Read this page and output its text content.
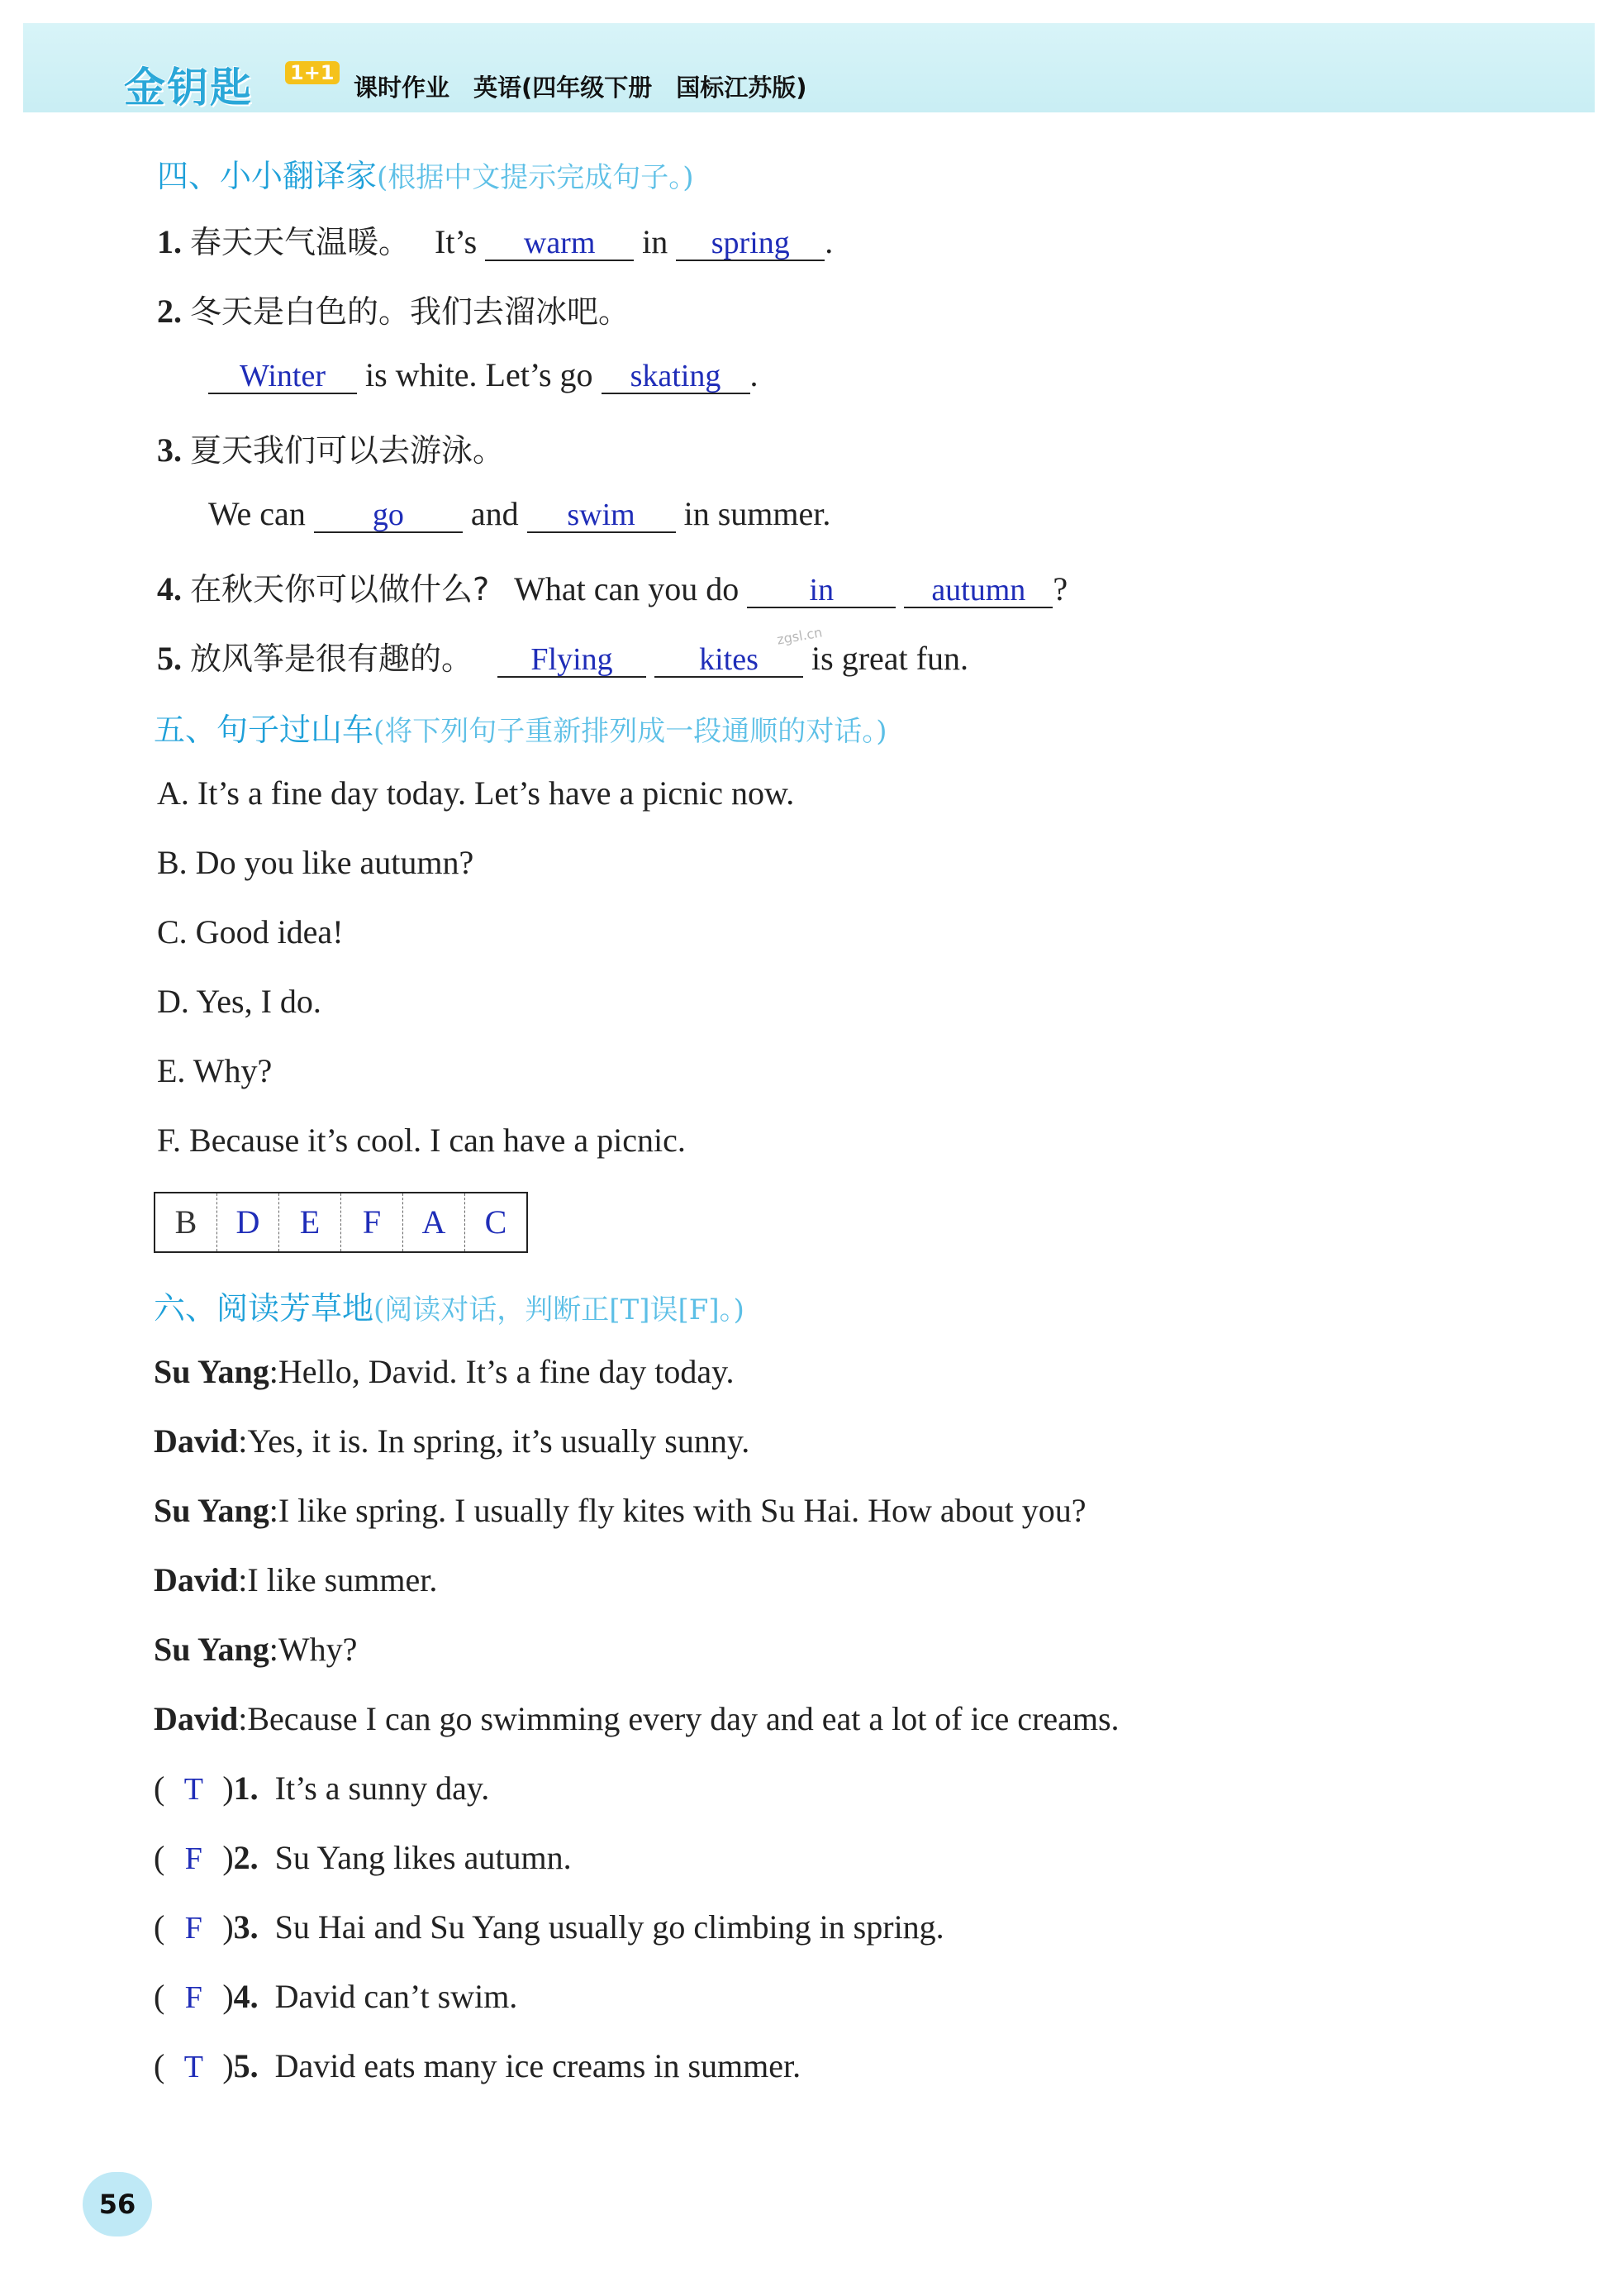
金钥匙 1+1
课时作业　英语(四年级下册　国标江苏版)
四、小小翻译家(根据中文提示完成句子。)
1. 春天天气温暖。 It’s warm in spring .
2. 冬天是白色的。我们去溜冰吧。
Winter is white. Let’s go skating .
3. 夏天我们可以去游泳。
We can go and swim in summer.
4. 在秋天你可以做什么? What can you do in	autumn ?
zgsl.cn
5. 放风筝是很有趣的。 Flying	kites is great fun.
五、句子过山车(将下列句子重新排列成一段通顺的对话。)
A. It’s a fine day today. Let’s have a picnic now.
B. Do you like autumn?
C. Good idea!
D. Yes, I do.
E. Why?
F. Because it’s cool. I can have a picnic.
B	D	E	F	A	C
六、阅读芳草地(阅读对话，判断正[T]误[F]。)
Su Yang:Hello, David. It’s a fine day today.
David:Yes, it is. In spring, it’s usually sunny.
Su Yang:I like spring. I usually fly kites with Su Hai. How about you?
David:I like summer.
Su Yang:Why?
David:Because I can go swimming every day and eat a lot of ice creams.
( T )1. It’s a sunny day.
( F )2. Su Yang likes autumn.
( F )3. Su Hai and Su Yang usually go climbing in spring.
( F )4. David can’t swim.
( T )5. David eats many ice creams in summer.
56
